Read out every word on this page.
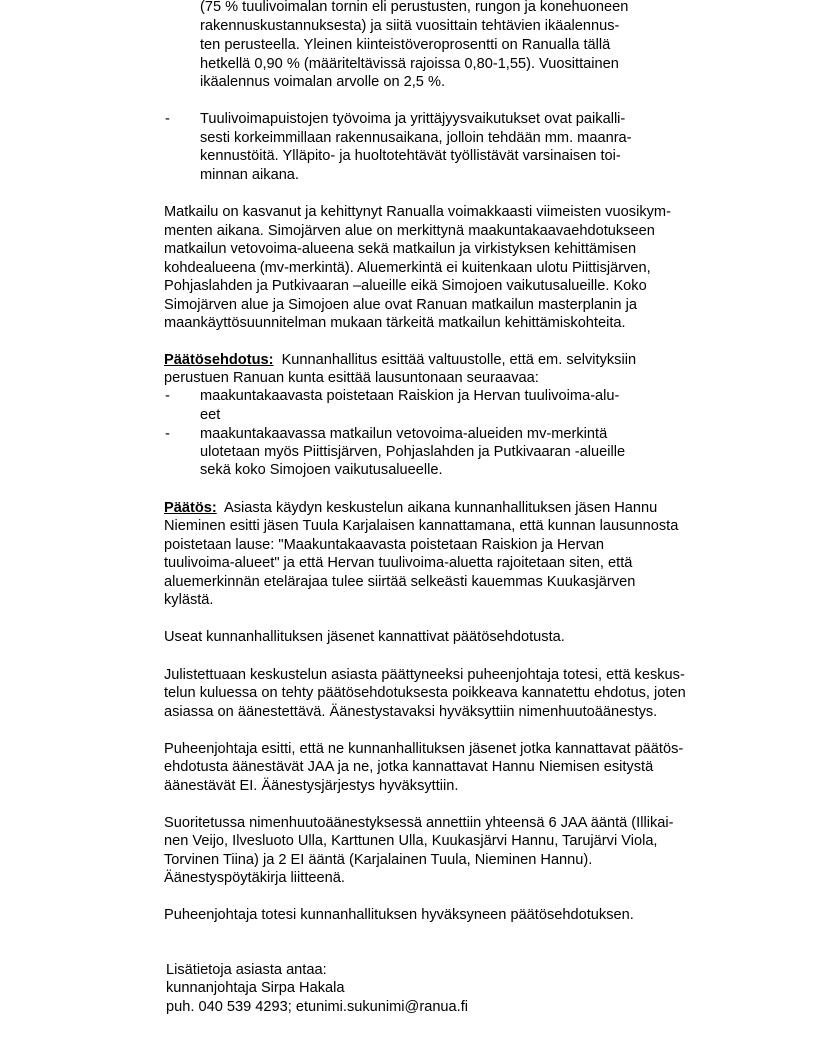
(75 % tuulivoimalan tornin eli perustusten, rungon ja konehuoneen
rakennuskustannuksesta) ja siitä vuosittain tehtävien ikäalennus-
ten perusteella. Yleinen kiinteistöveroprosentti on Ranualla tällä
hetkellä 0,90 % (määriteltävissä rajoissa 0,80-1,55). Vuosittainen
ikäalennus voimalan arvolle on 2,5 %.
- Tuulivoimapuistojen työvoima ja yrittäjyysvaikutukset ovat paikalli-
sesti korkeimmillaan rakennusaikana, jolloin tehdään mm. maanra-
kennustöitä. Ylläpito- ja huoltotehtävät työllistävät varsinaisen toi-
minnan aikana.
Matkailu on kasvanut ja kehittynyt Ranualla voimakkaasti viimeisten vuosikym-
menten aikana. Simojärven alue on merkittynä maakuntakaavaehdotukseen
matkailun vetovoima-alueena sekä matkailun ja virkistyksen kehittämisen
kohdealueena (mv-merkintä). Aluemerkintä ei kuitenkaan ulotu Piittisjärven,
Pohjaslahden ja Putkivaaran –alueille eikä Simojoen vaikutusalueille. Koko
Simojärven alue ja Simojoen alue ovat Ranuan matkailun masterplanin ja
maankäyttösuunnitelman mukaan tärkeitä matkailun kehittämiskohteita.
Päätösehdotus: Kunnanhallitus esittää valtuustolle, että em. selvityksiin
perustuen Ranuan kunta esittää lausuntonaan seuraavaa:
- maakuntakaavasta poistetaan Raiskion ja Hervan tuulivoima-alu-
eet
- maakuntakaavassa matkailun vetovoima-alueiden mv-merkintä
ulotetaan myös Piittisjärven, Pohjaslahden ja Putkivaaran -alueille
sekä koko Simojoen vaikutusalueelle.
Päätös: Asiasta käydyn keskustelun aikana kunnanhallituksen jäsen Hannu
Nieminen esitti jäsen Tuula Karjalaisen kannattamana, että kunnan lausunnosta
poistetaan lause: "Maakuntakaavasta poistetaan Raiskion ja Hervan
tuulivoima-alueet" ja että Hervan tuulivoima-aluetta rajoitetaan siten, että
aluemerkinnän etelärajaa tulee siirtää selkeästi kauemmas Kuukasjärven
kylästä.
Useat kunnanhallituksen jäsenet kannattivat päätösehdotusta.
Julistettuaan keskustelun asiasta päättyneeksi puheenjohtaja totesi, että keskus-
telun kuluessa on tehty päätösehdotuksesta poikkeava kannatettu ehdotus, joten
asiassa on äänestettävä. Äänestystavaksi hyväksyttiin nimenhuutoäänestys.
Puheenjohtaja esitti, että ne kunnanhallituksen jäsenet jotka kannattavat päätös-
ehdotusta äänestävät JAA ja ne, jotka kannattavat Hannu Niemisen esitystä
äänestävät EI. Äänestysjärjestys hyväksyttiin.
Suoritetussa nimenhuutoäänestyksessä annettiin yhteensä 6 JAA ääntä (Illikai-
nen Veijo, Ilvesluoto Ulla, Karttunen Ulla, Kuukasjärvi Hannu, Tarujärvi Viola,
Torvinen Tiina) ja 2 EI ääntä (Karjalainen Tuula, Nieminen Hannu).
Äänestyspöytäkirja liitteenä.
Puheenjohtaja totesi kunnanhallituksen hyväksyneen päätösehdotuksen.
Lisätietoja asiasta antaa:
kunnanjohtaja Sirpa Hakala
puh. 040 539 4293; etunimi.sukunimi@ranua.fi
